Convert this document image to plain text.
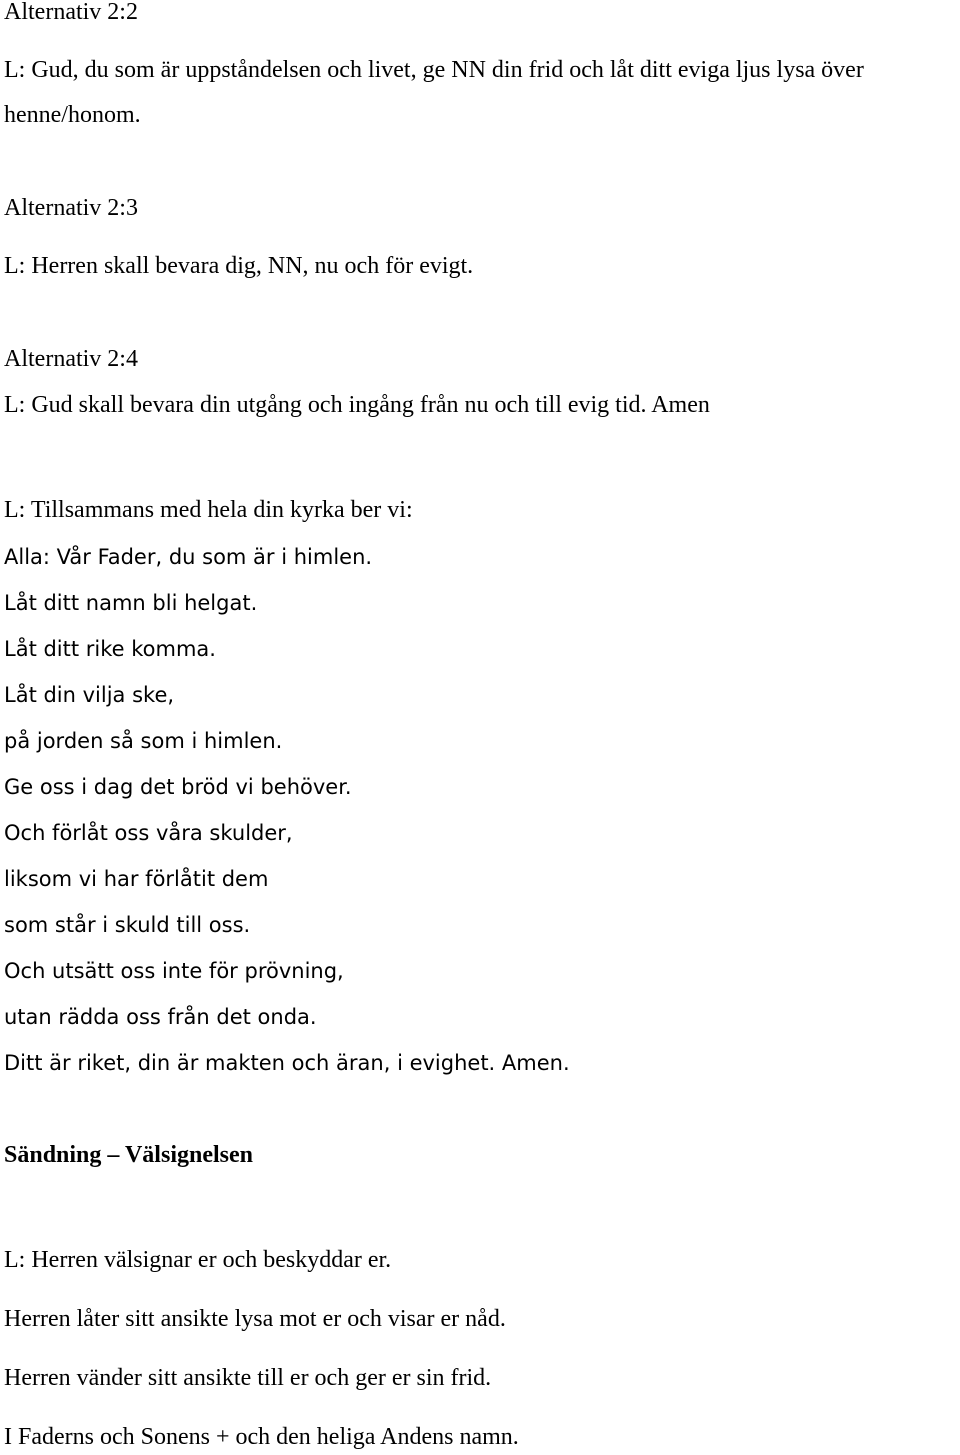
Alternativ 2:2

L: Gud, du som är uppståndelsen och livet, ge NN din frid och låt ditt eviga ljus lysa över

henne/honom.

Alternativ 2:3

L: Herren skall bevara dig, NN, nu och för evigt.

Alternativ 2:4

L: Gud skall bevara din utgång och ingång från nu och till evig tid. Amen

L: Tillsammans med hela din kyrka ber vi:

Alla: Vår Fader, du som är i himlen.

Låt ditt namn bli helgat.

Låt ditt rike komma.

Låt din vilja ske,

på jorden så som i himlen.

Ge oss i dag det bröd vi behöver.

Och förlåt oss våra skulder,

liksom vi har förlåtit dem

som står i skuld till oss.

Och utsätt oss inte för prövning,

utan rädda oss från det onda.

Ditt är riket, din är makten och äran, i evighet. Amen.

Sändning – Välsignelsen

L: Herren välsignar er och beskyddar er.

Herren låter sitt ansikte lysa mot er och visar er nåd.

Herren vänder sitt ansikte till er och ger er sin frid.

I Faderns och Sonens + och den heliga Andens namn.
